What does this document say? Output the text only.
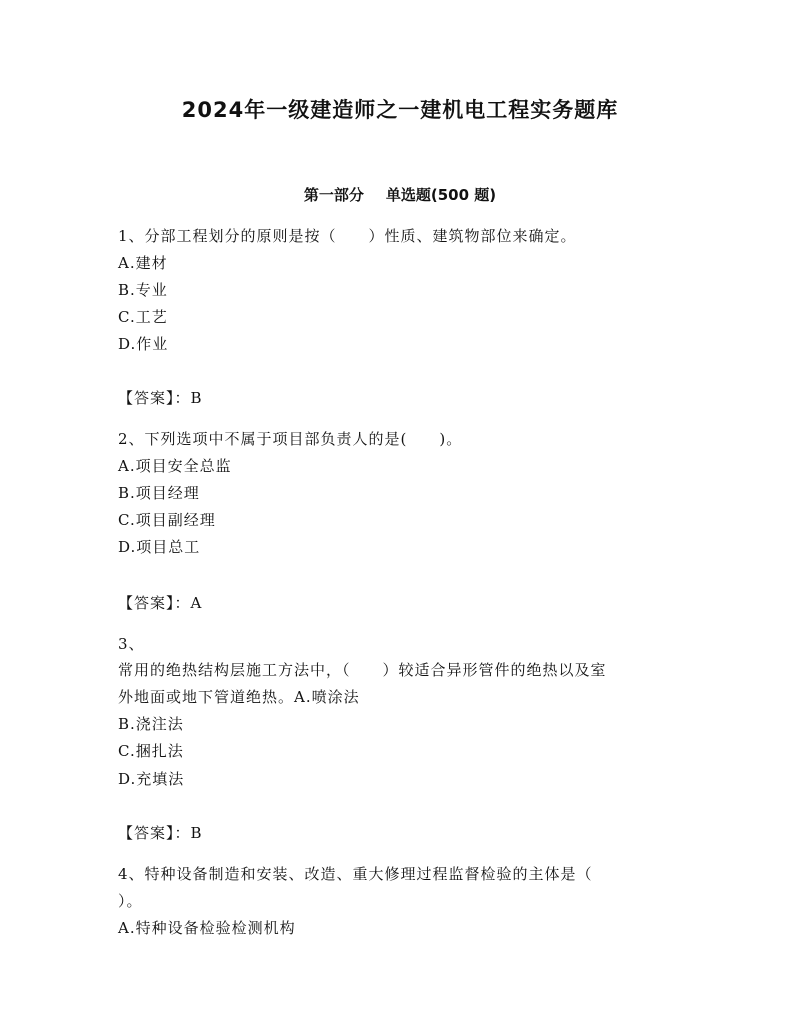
2024年一级建造师之一建机电工程实务题库
第一部分 单选题(500 题)
1、分部工程划分的原则是按（　　）性质、建筑物部位来确定。
A.建材
B.专业
C.工艺
D.作业
【答案】：B
2、下列选项中不属于项目部负责人的是(　　)。
A.项目安全总监
B.项目经理
C.项目副经理
D.项目总工
【答案】：A
3、
常用的绝热结构层施工方法中，（　　）较适合异形管件的绝热以及室
外地面或地下管道绝热。A.喷涂法
B.浇注法
C.捆扎法
D.充填法
【答案】：B
4、特种设备制造和安装、改造、重大修理过程监督检验的主体是（
）。
A.特种设备检验检测机构
